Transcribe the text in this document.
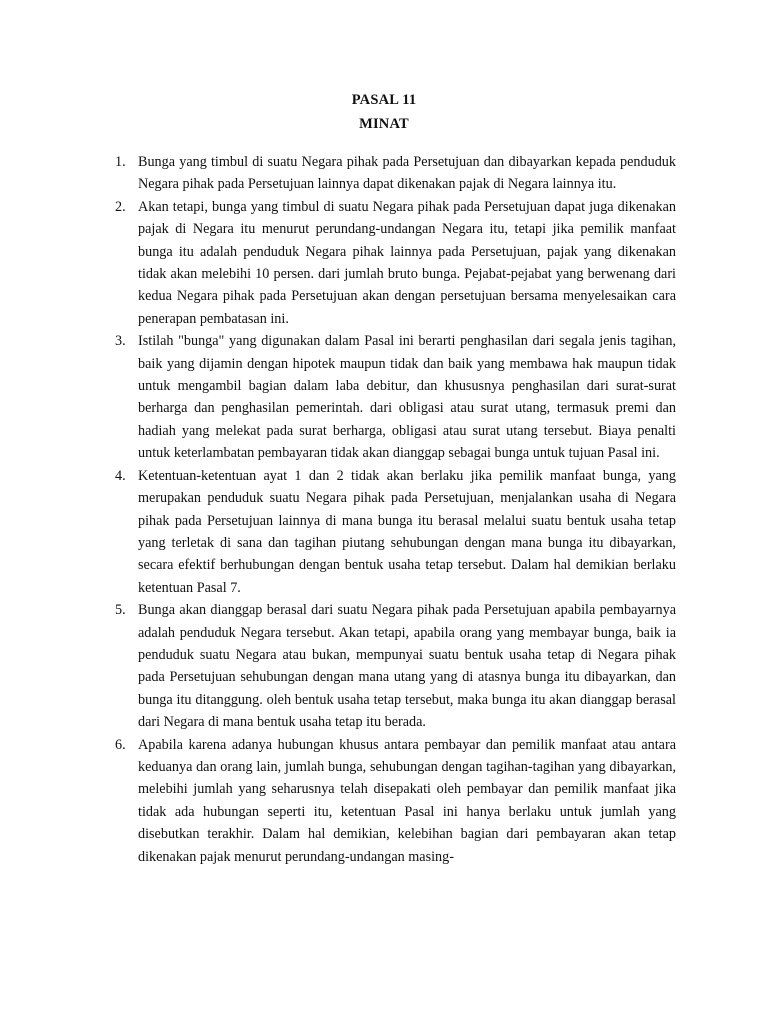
PASAL 11
MINAT
1. Bunga yang timbul di suatu Negara pihak pada Persetujuan dan dibayarkan kepada penduduk Negara pihak pada Persetujuan lainnya dapat dikenakan pajak di Negara lainnya itu.
2. Akan tetapi, bunga yang timbul di suatu Negara pihak pada Persetujuan dapat juga dikenakan pajak di Negara itu menurut perundang-undangan Negara itu, tetapi jika pemilik manfaat bunga itu adalah penduduk Negara pihak lainnya pada Persetujuan, pajak yang dikenakan tidak akan melebihi 10 persen. dari jumlah bruto bunga. Pejabat-pejabat yang berwenang dari kedua Negara pihak pada Persetujuan akan dengan persetujuan bersama menyelesaikan cara penerapan pembatasan ini.
3. Istilah "bunga" yang digunakan dalam Pasal ini berarti penghasilan dari segala jenis tagihan, baik yang dijamin dengan hipotek maupun tidak dan baik yang membawa hak maupun tidak untuk mengambil bagian dalam laba debitur, dan khususnya penghasilan dari surat-surat berharga dan penghasilan pemerintah. dari obligasi atau surat utang, termasuk premi dan hadiah yang melekat pada surat berharga, obligasi atau surat utang tersebut. Biaya penalti untuk keterlambatan pembayaran tidak akan dianggap sebagai bunga untuk tujuan Pasal ini.
4. Ketentuan-ketentuan ayat 1 dan 2 tidak akan berlaku jika pemilik manfaat bunga, yang merupakan penduduk suatu Negara pihak pada Persetujuan, menjalankan usaha di Negara pihak pada Persetujuan lainnya di mana bunga itu berasal melalui suatu bentuk usaha tetap yang terletak di sana dan tagihan piutang sehubungan dengan mana bunga itu dibayarkan, secara efektif berhubungan dengan bentuk usaha tetap tersebut. Dalam hal demikian berlaku ketentuan Pasal 7.
5. Bunga akan dianggap berasal dari suatu Negara pihak pada Persetujuan apabila pembayarnya adalah penduduk Negara tersebut. Akan tetapi, apabila orang yang membayar bunga, baik ia penduduk suatu Negara atau bukan, mempunyai suatu bentuk usaha tetap di Negara pihak pada Persetujuan sehubungan dengan mana utang yang di atasnya bunga itu dibayarkan, dan bunga itu ditanggung. oleh bentuk usaha tetap tersebut, maka bunga itu akan dianggap berasal dari Negara di mana bentuk usaha tetap itu berada.
6. Apabila karena adanya hubungan khusus antara pembayar dan pemilik manfaat atau antara keduanya dan orang lain, jumlah bunga, sehubungan dengan tagihan-tagihan yang dibayarkan, melebihi jumlah yang seharusnya telah disepakati oleh pembayar dan pemilik manfaat jika tidak ada hubungan seperti itu, ketentuan Pasal ini hanya berlaku untuk jumlah yang disebutkan terakhir. Dalam hal demikian, kelebihan bagian dari pembayaran akan tetap dikenakan pajak menurut perundang-undangan masing-
